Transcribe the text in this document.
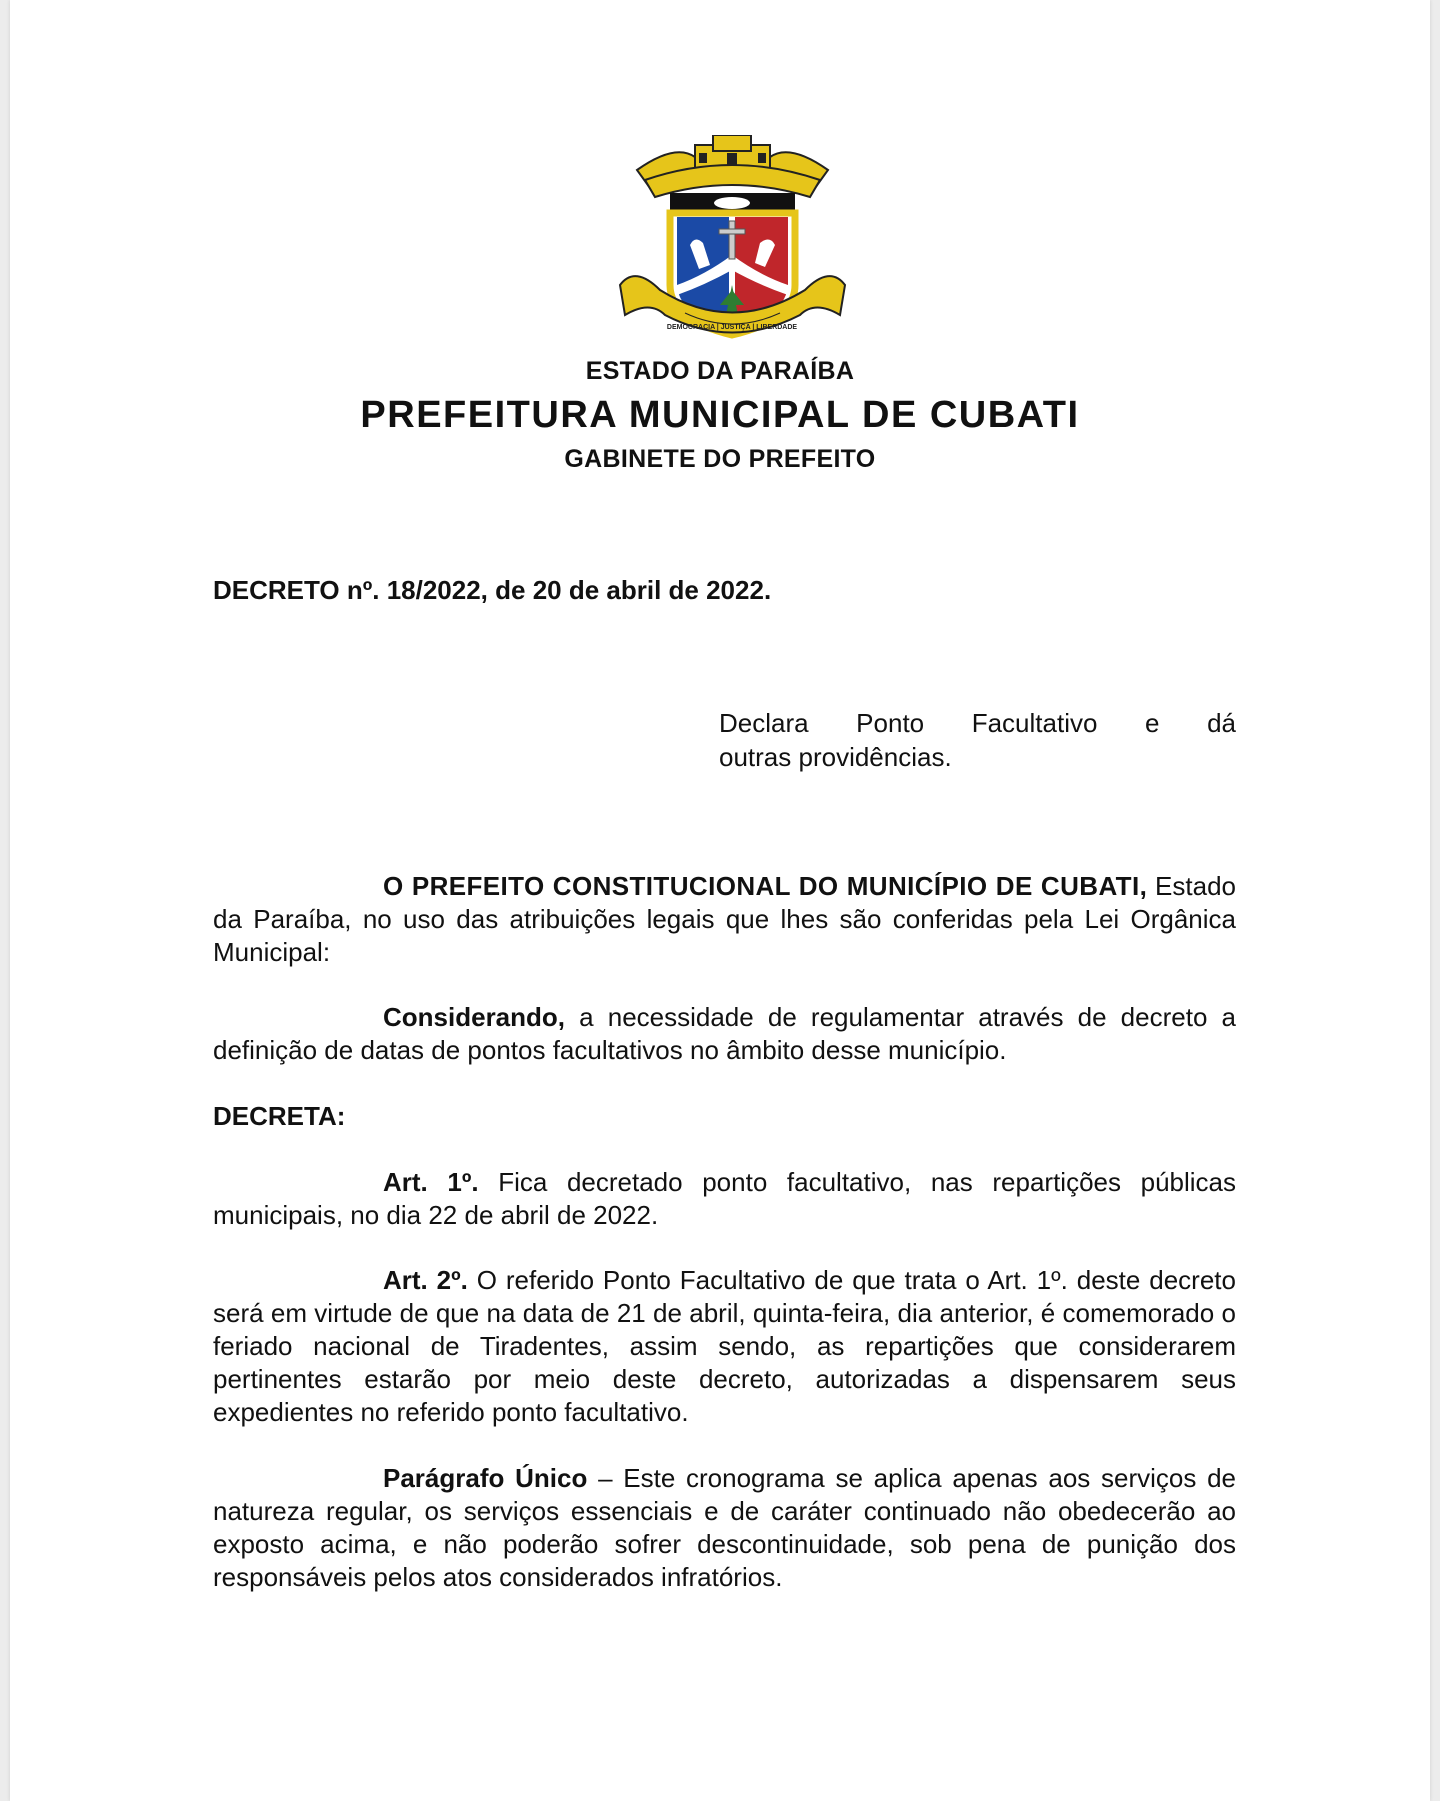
DEMOCRACIA | JUSTIÇA | LIBERDADE
ESTADO DA PARAÍBA
PREFEITURA MUNICIPAL DE CUBATI
GABINETE DO PREFEITO
DECRETO nº. 18/2022, de 20 de abril de 2022.
Declara Ponto Facultativo e dá
outras providências.
O PREFEITO CONSTITUCIONAL DO MUNICÍPIO DE CUBATI, Estado da Paraíba, no uso das atribuições legais que lhes são conferidas pela Lei Orgânica Municipal:
Considerando, a necessidade de regulamentar através de decreto a definição de datas de pontos facultativos no âmbito desse município.
DECRETA:
Art. 1º. Fica decretado ponto facultativo, nas repartições públicas municipais, no dia 22 de abril de 2022.
Art. 2º. O referido Ponto Facultativo de que trata o Art. 1º. deste decreto será em virtude de que na data de 21 de abril, quinta-feira, dia anterior, é comemorado o feriado nacional de Tiradentes, assim sendo, as repartições que considerarem pertinentes estarão por meio deste decreto, autorizadas a dispensarem seus expedientes no referido ponto facultativo.
Parágrafo Único – Este cronograma se aplica apenas aos serviços de natureza regular, os serviços essenciais e de caráter continuado não obedecerão ao exposto acima, e não poderão sofrer descontinuidade, sob pena de punição dos responsáveis pelos atos considerados infratórios.
